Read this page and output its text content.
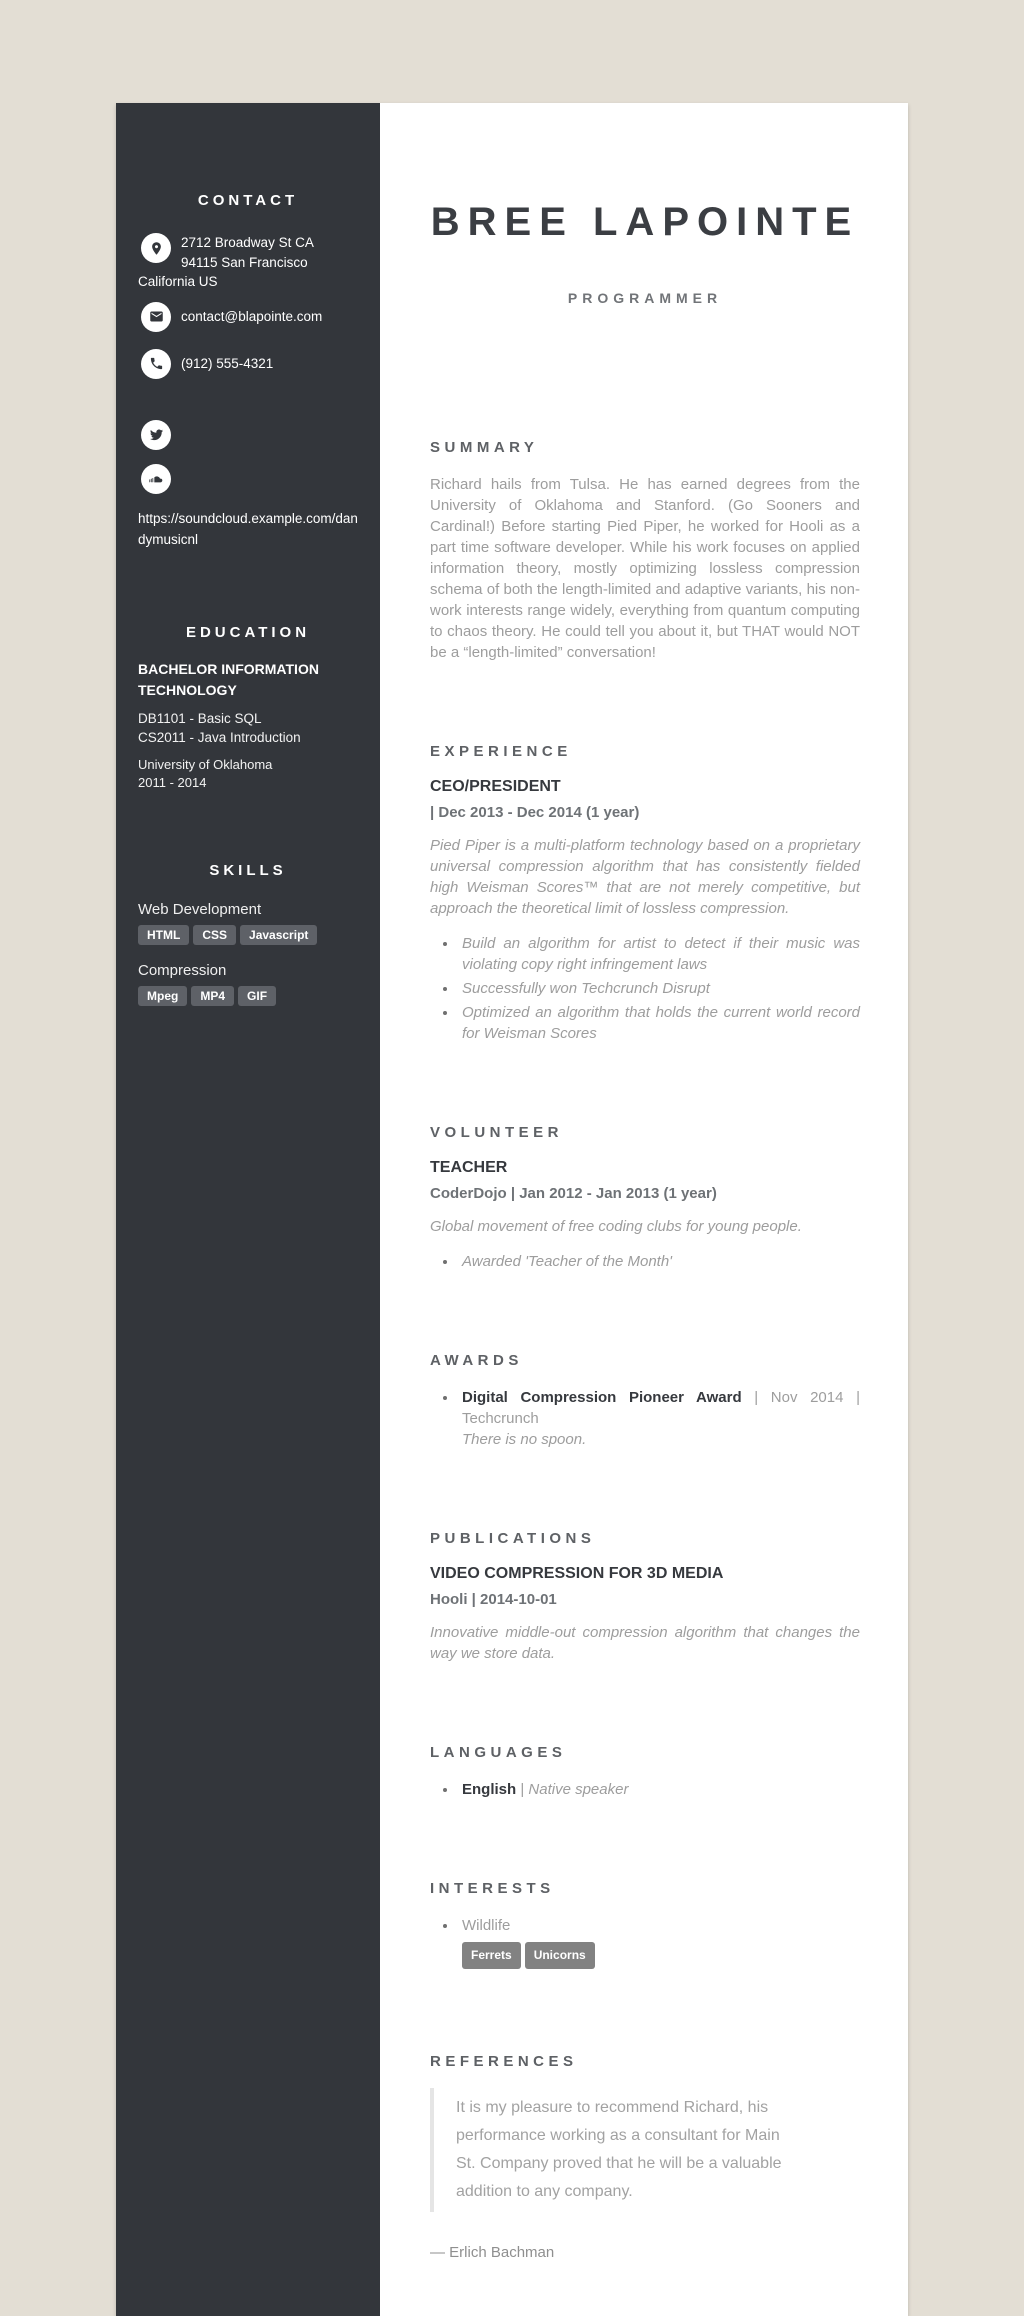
CONTACT
2712 Broadway St CA
94115 San Francisco
California US
contact@blapointe.com
(912) 555-4321
https://soundcloud.example.com/dandymusicnl
EDUCATION

BACHELOR INFORMATION TECHNOLOGY

DB1101 - Basic SQL
CS2011 - Java Introduction
University of Oklahoma
2011 - 2014
SKILLS

Web Development

HTML CSS Javascript

Compression

Mpeg MP4 GIF
BREE LAPOINTE

PROGRAMMER

SUMMARY

Richard hails from Tulsa. He has earned degrees from the University of Oklahoma and Stanford. (Go Sooners and Cardinal!) Before starting Pied Piper, he worked for Hooli as a part time software developer. While his work focuses on applied information theory, mostly optimizing lossless compression schema of both the length-limited and adaptive variants, his non-work interests range widely, everything from quantum computing to chaos theory. He could tell you about it, but THAT would NOT be a “length-limited” conversation!

EXPERIENCE
CEO/PRESIDENT

| Dec 2013 - Dec 2014 (1 year)

Pied Piper is a multi-platform technology based on a proprietary universal compression algorithm that has consistently fielded high Weisman Scores™ that are not merely competitive, but approach the theoretical limit of lossless compression.

• Build an algorithm for artist to detect if their music was violating copy right infringement laws
• Successfully won Techcrunch Disrupt
• Optimized an algorithm that holds the current world record for Weisman Scores
VOLUNTEER
TEACHER

CoderDojo | Jan 2012 - Jan 2013 (1 year)

Global movement of free coding clubs for young people.

• Awarded 'Teacher of the Month'
AWARDS
• Digital Compression Pioneer Award | Nov 2014 | Techcrunch
There is no spoon.
PUBLICATIONS
VIDEO COMPRESSION FOR 3D MEDIA

Hooli | 2014-10-01

Innovative middle-out compression algorithm that changes the way we store data.

LANGUAGES
• English | Native speaker
INTERESTS
• Wildlife
Ferrets Unicorns
REFERENCES
It is my pleasure to recommend Richard, his performance working as a consultant for Main St. Company proved that he will be a valuable addition to any company.

— Erlich Bachman
